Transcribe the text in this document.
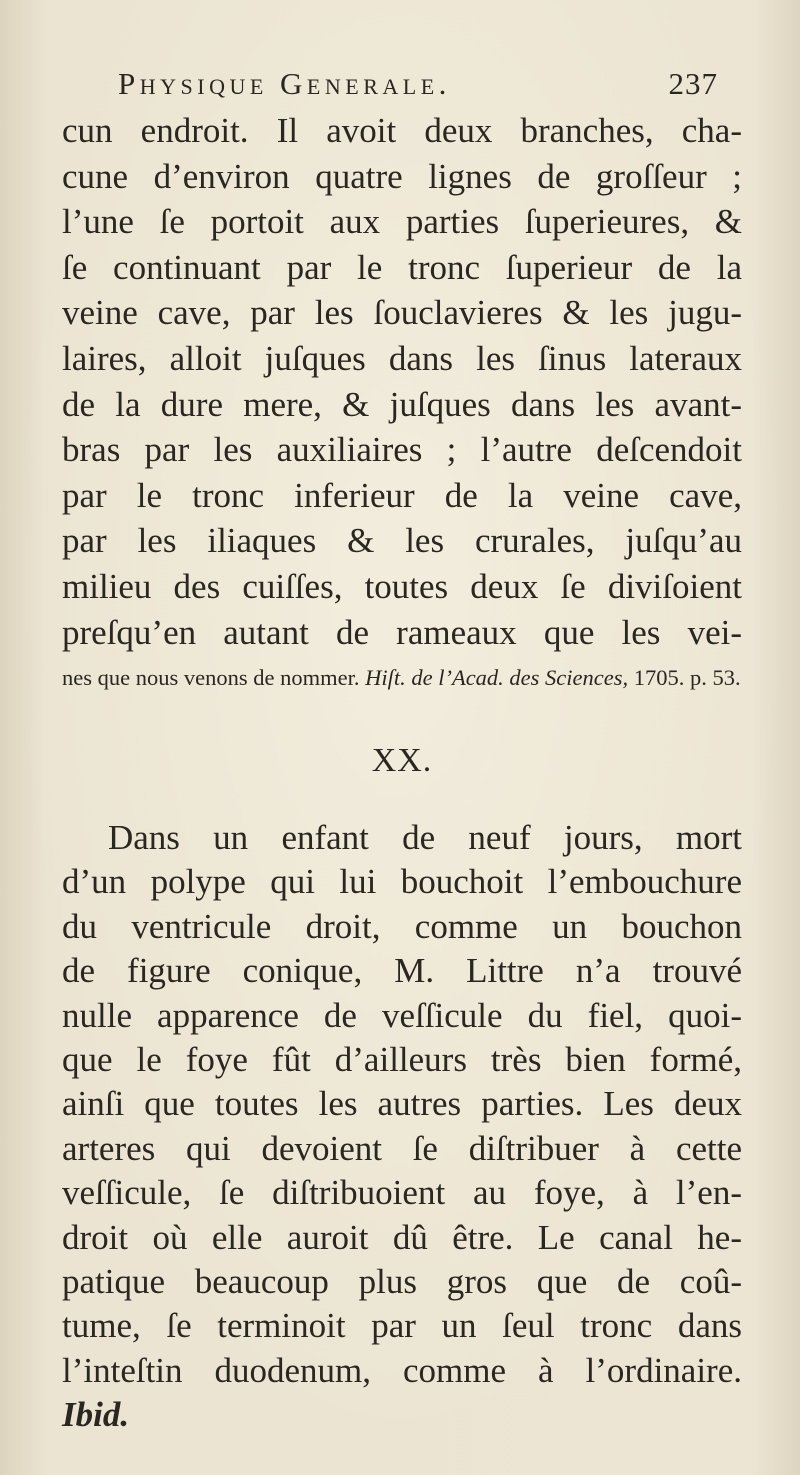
Physique Generale.	237
cun endroit. Il avoit deux branches, cha-
cune d’environ quatre lignes de groſſeur ;
l’une ſe portoit aux parties ſuperieures, &
ſe continuant par le tronc ſuperieur de la
veine cave, par les ſouclavieres & les jugu-
laires, alloit juſques dans les ſinus lateraux
de la dure mere, & juſques dans les avant-
bras par les auxiliaires ; l’autre deſcendoit
par le tronc inferieur de la veine cave,
par les iliaques & les crurales, juſqu’au
milieu des cuiſſes, toutes deux ſe diviſoient
preſqu’en autant de rameaux que les vei-
nes que nous venons de nommer. Hiſt. de l’Acad. des Sciences, 1705. p. 53.
XX.
Dans un enfant de neuf jours, mort
d’un polype qui lui bouchoit l’embouchure
du ventricule droit, comme un bouchon
de figure conique, M. Littre n’a trouvé
nulle apparence de veſſicule du fiel, quoi-
que le foye fût d’ailleurs très bien formé,
ainſi que toutes les autres parties. Les deux
arteres qui devoient ſe diſtribuer à cette
veſſicule, ſe diſtribuoient au foye, à l’en-
droit où elle auroit dû être. Le canal he-
patique beaucoup plus gros que de coû-
tume, ſe terminoit par un ſeul tronc dans
l’inteſtin duodenum, comme à l’ordinaire.
Ibid.
